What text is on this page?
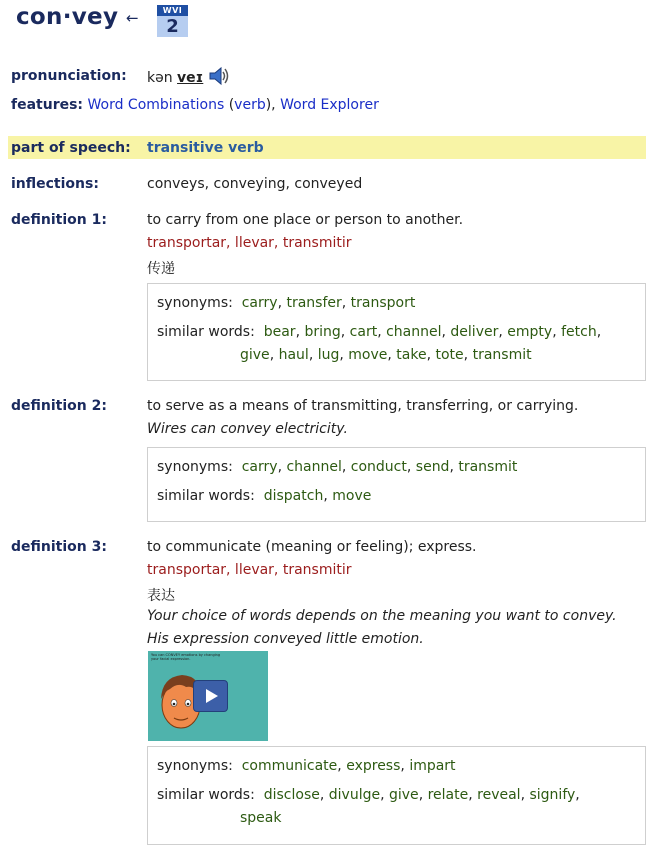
con·vey ←	WVI
2
pronunciation: kən veɪ
features: Word Combinations (verb), Word Explorer
part of speech: transitive verb
inflections:	conveys, conveying, conveyed
definition 1:	to carry from one place or person to another.
transportar, llevar, transmitir
传递
synonyms: carry, transfer, transport
similar words: bear, bring, cart, channel, deliver, empty, fetch,
give, haul, lug, move, take, tote, transmit
definition 2:	to serve as a means of transmitting, transferring, or carrying.
Wires can convey electricity.
synonyms: carry, channel, conduct, send, transmit
similar words: dispatch, move
definition 3:	to communicate (meaning or feeling); express.
transportar, llevar, transmitir
表达
Your choice of words depends on the meaning you want to convey.
His expression conveyed little emotion.
You can CONVEY emotions by changing your facial expression.
synonyms: communicate, express, impart
similar words: disclose, divulge, give, relate, reveal, signify,
speak
